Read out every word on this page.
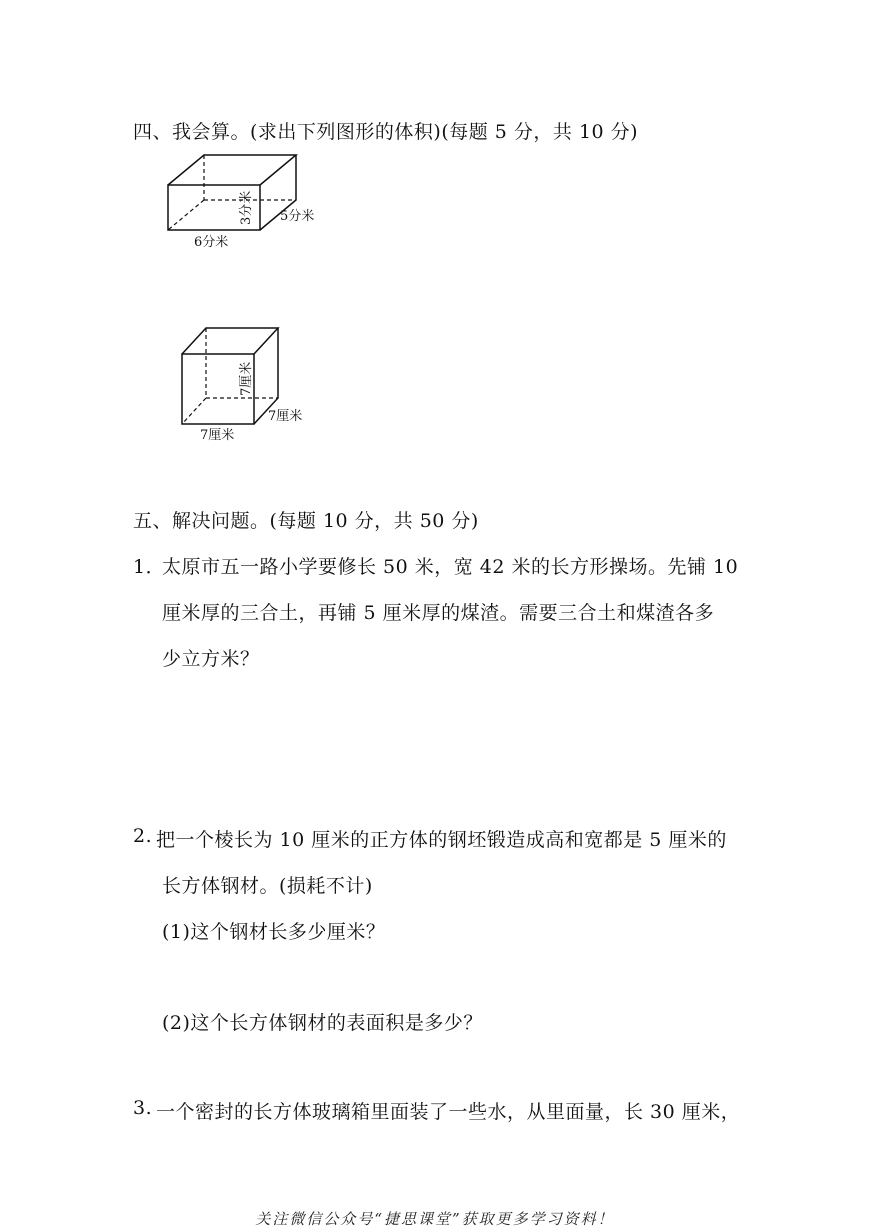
四、我会算。(求出下列图形的体积)(每题 5 分，共 10 分)
6分米
5分米
3分米
7厘米
7厘米
7厘米
五、解决问题。(每题 10 分，共 50 分)
1．
太原市五一路小学要修长 50 米，宽 42 米的长方形操场。先铺 10
厘米厚的三合土，再铺 5 厘米厚的煤渣。需要三合土和煤渣各多
少立方米？
2. 把一个棱长为 10 厘米的正方体的钢坯锻造成高和宽都是 5 厘米的
长方体钢材。(损耗不计)
(1)这个钢材长多少厘米？
(2)这个长方体钢材的表面积是多少？
3. 一个密封的长方体玻璃箱里面装了一些水，从里面量，长 30 厘米，
关注微信公众号“捷思课堂”获取更多学习资料！
